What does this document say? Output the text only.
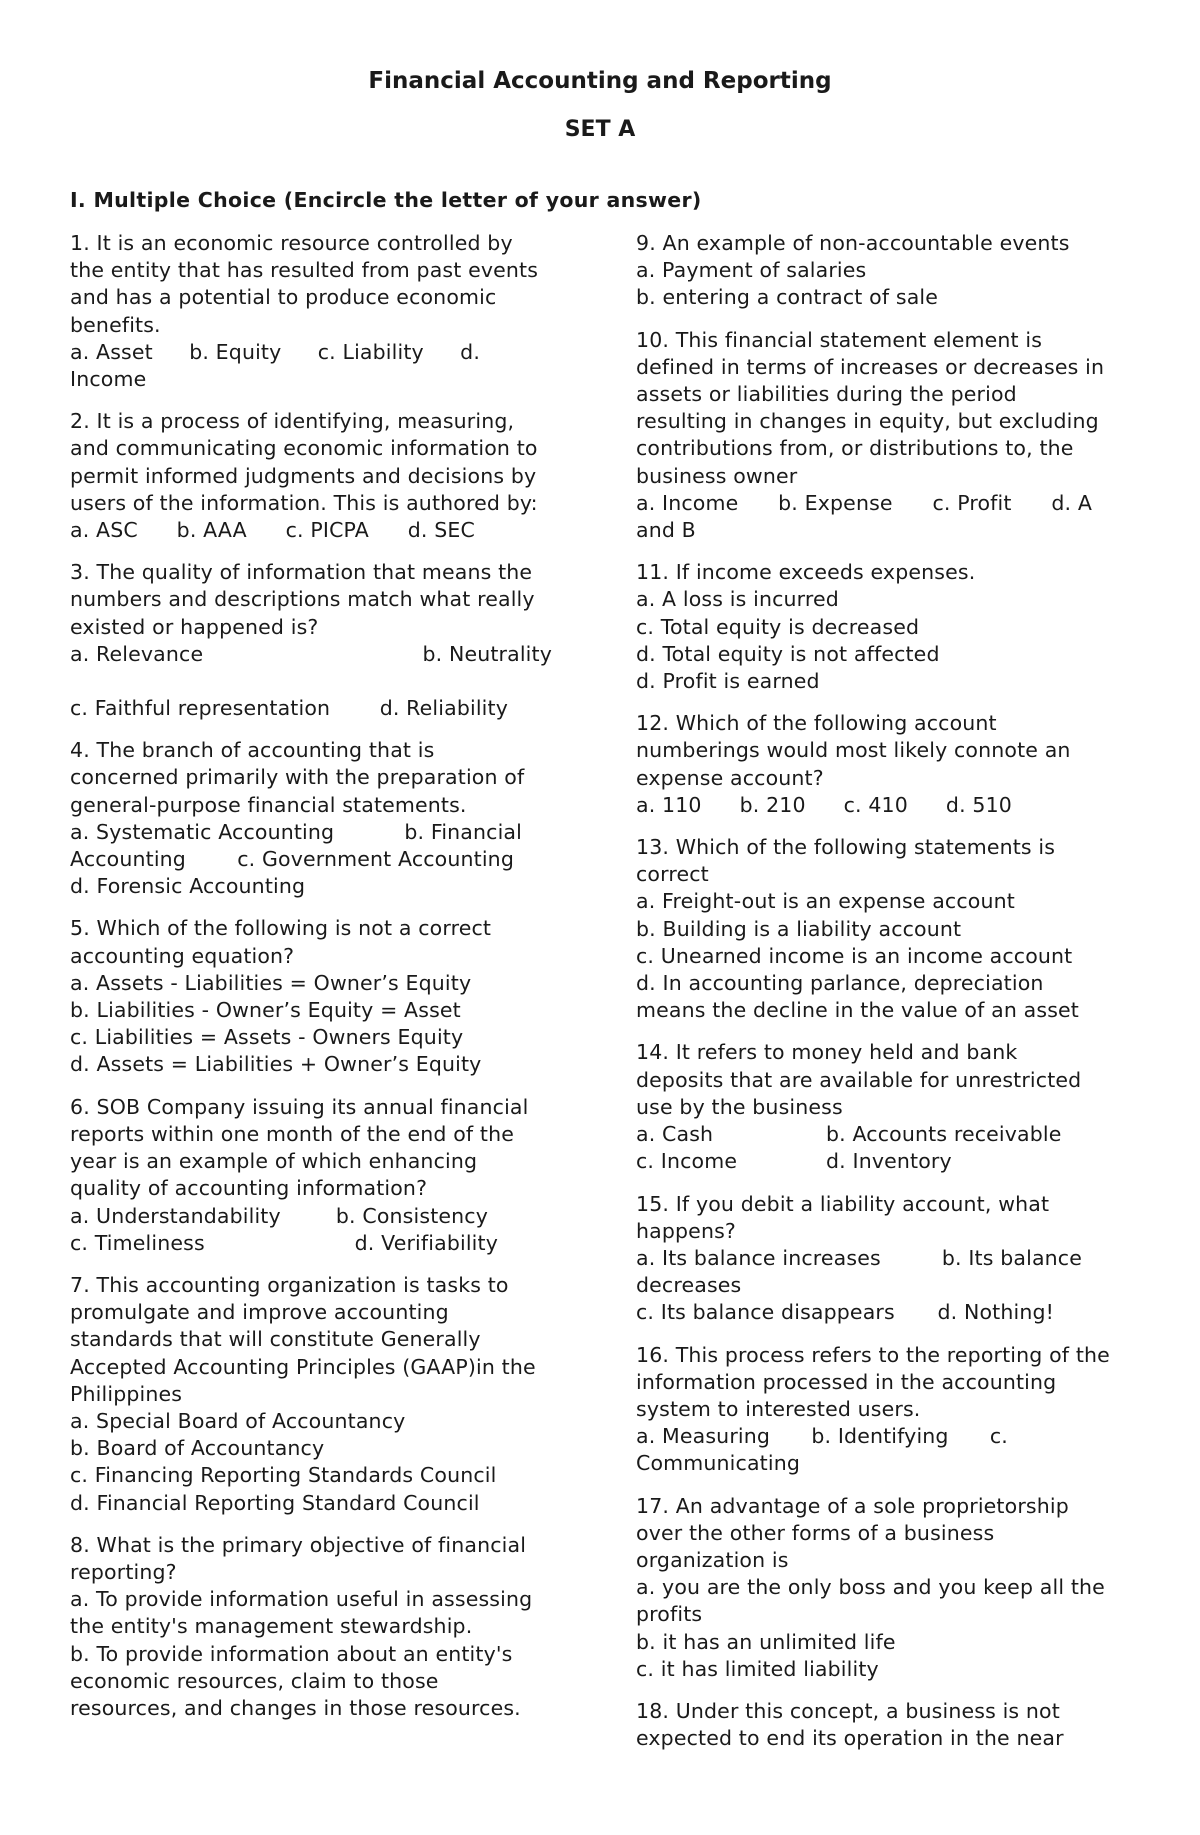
Financial Accounting and Reporting
SET A
I. Multiple Choice (Encircle the letter of your answer)

1. It is an economic resource controlled by

the entity that has resulted from past events

and has a potential to produce economic

benefits.

a. Asset b. Equity c. Liability d.

Income

2. It is a process of identifying, measuring,

and communicating economic information to

permit informed judgments and decisions by

users of the information. This is authored by:

a. ASC b. AAA c. PICPA d. SEC

3. The quality of information that means the

numbers and descriptions match what really

existed or happened is?

a. Relevance	b. Neutrality
c. Faithful representation d. Reliability

4. The branch of accounting that is

concerned primarily with the preparation of

general-purpose financial statements.

a. Systematic Accounting	b. Financial
Accounting	c. Government Accounting

d. Forensic Accounting

5. Which of the following is not a correct

accounting equation?

a. Assets - Liabilities = Owner’s Equity

b. Liabilities - Owner’s Equity = Asset

c. Liabilities = Assets - Owners Equity

d. Assets = Liabilities + Owner’s Equity

6. SOB Company issuing its annual financial

reports within one month of the end of the

year is an example of which enhancing

quality of accounting information?

a. Understandability	b. Consistency
c. Timeliness	d. Verifiability

7. This accounting organization is tasks to

promulgate and improve accounting

standards that will constitute Generally

Accepted Accounting Principles (GAAP)in the

Philippines

a. Special Board of Accountancy

b. Board of Accountancy

c. Financing Reporting Standards Council

d. Financial Reporting Standard Council

8. What is the primary objective of financial

reporting?

a. To provide information useful in assessing

the entity's management stewardship.

b. To provide information about an entity's

economic resources, claim to those

resources, and changes in those resources.

9. An example of non-accountable events

a. Payment of salaries

b. entering a contract of sale

10. This financial statement element is

defined in terms of increases or decreases in

assets or liabilities during the period

resulting in changes in equity, but excluding

contributions from, or distributions to, the

business owner

a. Income b. Expense c. Profit d. A

and B

11. If income exceeds expenses.

a. A loss is incurred

c. Total equity is decreased

d. Total equity is not affected

d. Profit is earned

12. Which of the following account

numberings would most likely connote an

expense account?

a. 110 b. 210 c. 410 d. 510

13. Which of the following statements is

correct

a. Freight-out is an expense account

b. Building is a liability account

c. Unearned income is an income account

d. In accounting parlance, depreciation

means the decline in the value of an asset

14. It refers to money held and bank

deposits that are available for unrestricted

use by the business

a. Cash	b. Accounts receivable
c. Income	d. Inventory

15. If you debit a liability account, what

happens?

a. Its balance increases	b. Its balance

decreases

c. Its balance disappears d. Nothing!

16. This process refers to the reporting of the

information processed in the accounting

system to interested users.

a. Measuring b. Identifying c.

Communicating

17. An advantage of a sole proprietorship

over the other forms of a business

organization is

a. you are the only boss and you keep all the

profits

b. it has an unlimited life

c. it has limited liability

18. Under this concept, a business is not

expected to end its operation in the near
